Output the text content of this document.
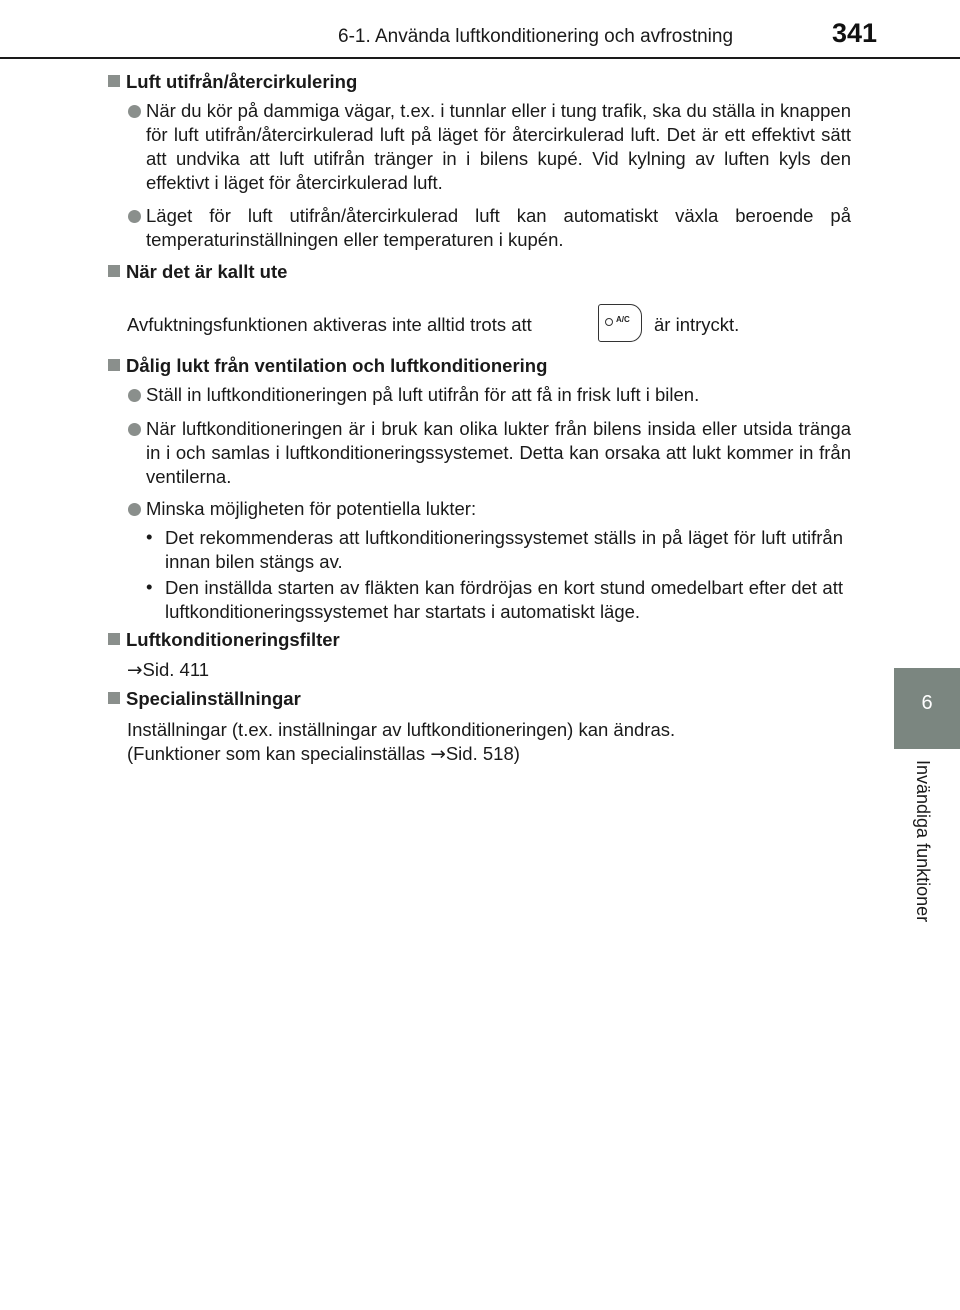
6-1. Använda luftkonditionering och avfrostning	341
6
Invändiga funktioner
Luft utifrån/återcirkulering
När du kör på dammiga vägar, t.ex. i tunnlar eller i tung trafik, ska du ställa in knappen för luft utifrån/återcirkulerad luft på läget för återcirkulerad luft. Det är ett effektivt sätt att undvika att luft utifrån tränger in i bilens kupé. Vid kylning av luften kyls den effektivt i läget för återcirkulerad luft.
Läget för luft utifrån/återcirkulerad luft kan automatiskt växla beroende på temperaturinställningen eller temperaturen i kupén.
När det är kallt ute
Avfuktningsfunktionen aktiveras inte alltid trots att	A/C är intryckt.
Dålig lukt från ventilation och luftkonditionering
Ställ in luftkonditioneringen på luft utifrån för att få in frisk luft i bilen.
När luftkonditioneringen är i bruk kan olika lukter från bilens insida eller utsida tränga in i och samlas i luftkonditioneringssystemet. Detta kan orsaka att lukt kommer in från ventilerna.
Minska möjligheten för potentiella lukter:
• Det rekommenderas att luftkonditioneringssystemet ställs in på läget för luft utifrån innan bilen stängs av.
• Den inställda starten av fläkten kan fördröjas en kort stund omedelbart efter det att luftkonditioneringssystemet har startats i automatiskt läge.
Luftkonditioneringsfilter
→Sid. 411
Specialinställningar
Inställningar (t.ex. inställningar av luftkonditioneringen) kan ändras.
(Funktioner som kan specialinställas →Sid. 518)
